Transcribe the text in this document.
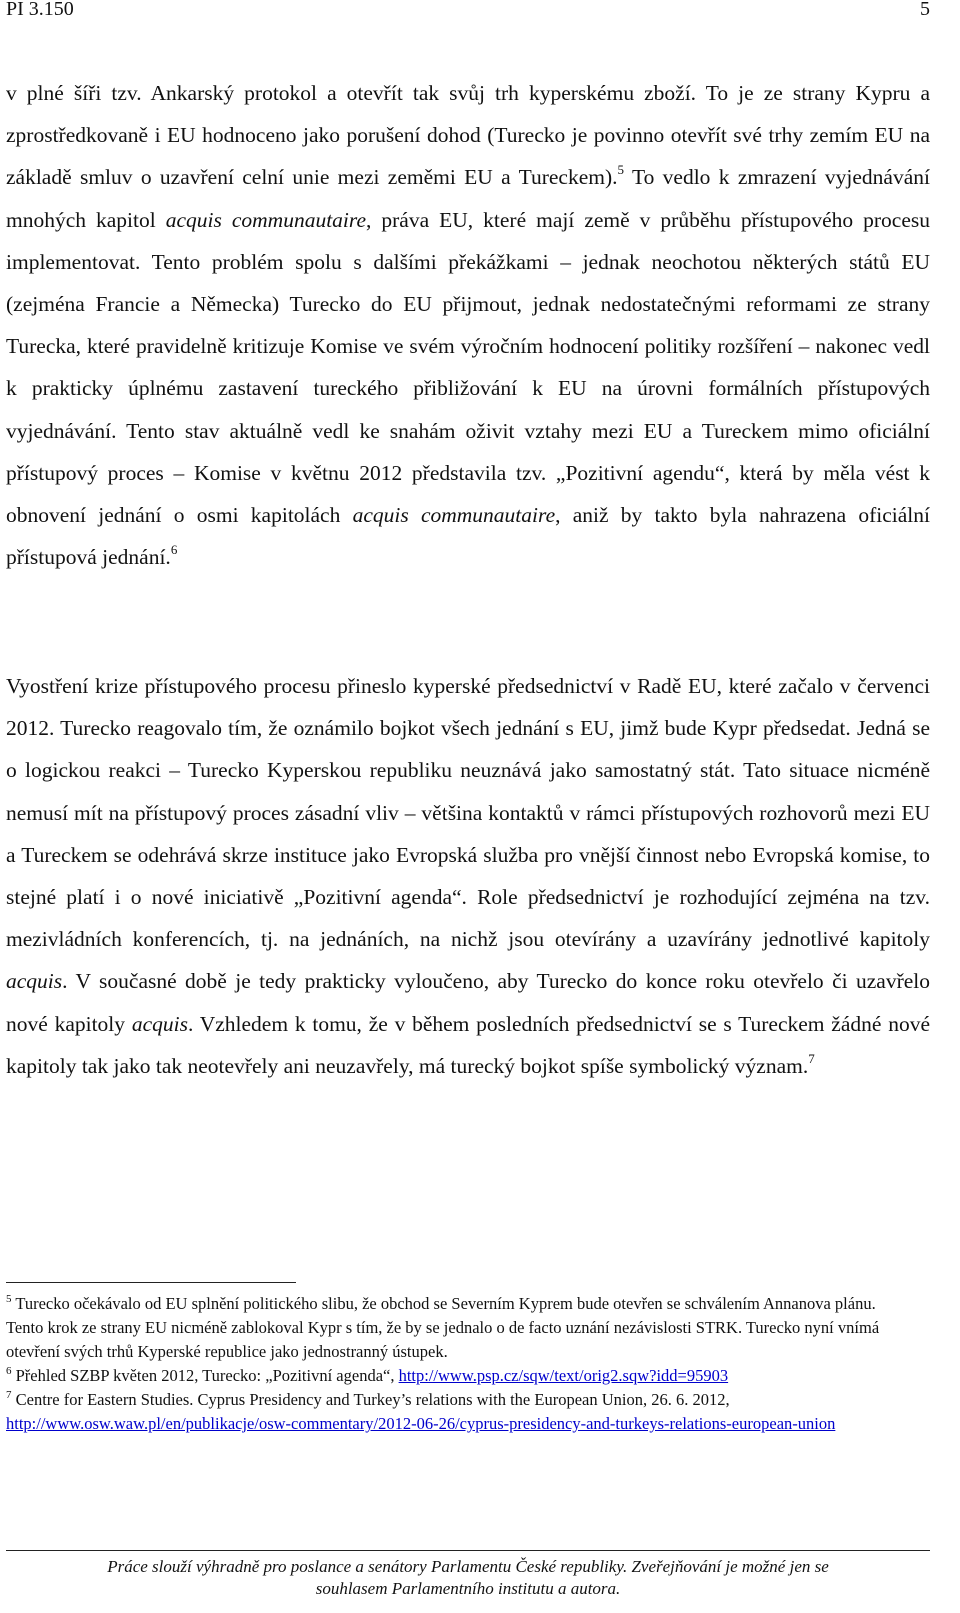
PI 3.150	5

v plné šíři tzv. Ankarský protokol a otevřít tak svůj trh kyperskému zboží. To je ze strany Kypru a zprostředkovaně i EU hodnoceno jako porušení dohod (Turecko je povinno otevřít své trhy zemím EU na základě smluv o uzavření celní unie mezi zeměmi EU a Tureckem).$^5$ To vedlo k zmrazení vyjednávání mnohých kapitol acquis communautaire, práva EU, které mají země v průběhu přístupového procesu implementovat. Tento problém spolu s dalšími překážkami – jednak neochotou některých států EU (zejména Francie a Německa) Turecko do EU přijmout, jednak nedostatečnými reformami ze strany Turecka, které pravidelně kritizuje Komise ve svém výročním hodnocení politiky rozšíření – nakonec vedl k prakticky úplnému zastavení tureckého přibližování k EU na úrovni formálních přístupových vyjednávání. Tento stav aktuálně vedl ke snahám oživit vztahy mezi EU a Tureckem mimo oficiální přístupový proces – Komise v květnu 2012 představila tzv. „Pozitivní agendu“, která by měla vést k obnovení jednání o osmi kapitolách acquis communautaire, aniž by takto byla nahrazena oficiální přístupová jednání.$^6$

Vyostření krize přístupového procesu přineslo kyperské předsednictví v Radě EU, které začalo v červenci 2012. Turecko reagovalo tím, že oznámilo bojkot všech jednání s EU, jimž bude Kypr předsedat. Jedná se o logickou reakci – Turecko Kyperskou republiku neuznává jako samostatný stát. Tato situace nicméně nemusí mít na přístupový proces zásadní vliv – většina kontaktů v rámci přístupových rozhovorů mezi EU a Tureckem se odehrává skrze instituce jako Evropská služba pro vnější činnost nebo Evropská komise, to stejné platí i o nové iniciativě „Pozitivní agenda“. Role předsednictví je rozhodující zejména na tzv. mezivládních konferencích, tj. na jednáních, na nichž jsou otevírány a uzavírány jednotlivé kapitoly acquis. V současné době je tedy prakticky vyloučeno, aby Turecko do konce roku otevřelo či uzavřelo nové kapitoly acquis. Vzhledem k tomu, že v během posledních předsednictví se s Tureckem žádné nové kapitoly tak jako tak neotevřely ani neuzavřely, má turecký bojkot spíše symbolický význam.$^7$

$^5$ Turecko očekávalo od EU splnění politického slibu, že obchod se Severním Kyprem bude otevřen se schválením Annanova plánu. Tento krok ze strany EU nicméně zablokoval Kypr s tím, že by se jednalo o de facto uznání nezávislosti STRK. Turecko nyní vnímá otevření svých trhů Kyperské republice jako jednostranný ústupek.
$^6$ Přehled SZBP květen 2012, Turecko: „Pozitivní agenda“, http://www.psp.cz/sqw/text/orig2.sqw?idd=95903
$^7$ Centre for Eastern Studies. Cyprus Presidency and Turkey’s relations with the European Union, 26. 6. 2012, http://www.osw.waw.pl/en/publikacje/osw-commentary/2012-06-26/cyprus-presidency-and-turkeys-relations-european-union
Práce slouží výhradně pro poslance a senátory Parlamentu České republiky. Zveřejňování je možné jen se
souhlasem Parlamentního institutu a autora.
